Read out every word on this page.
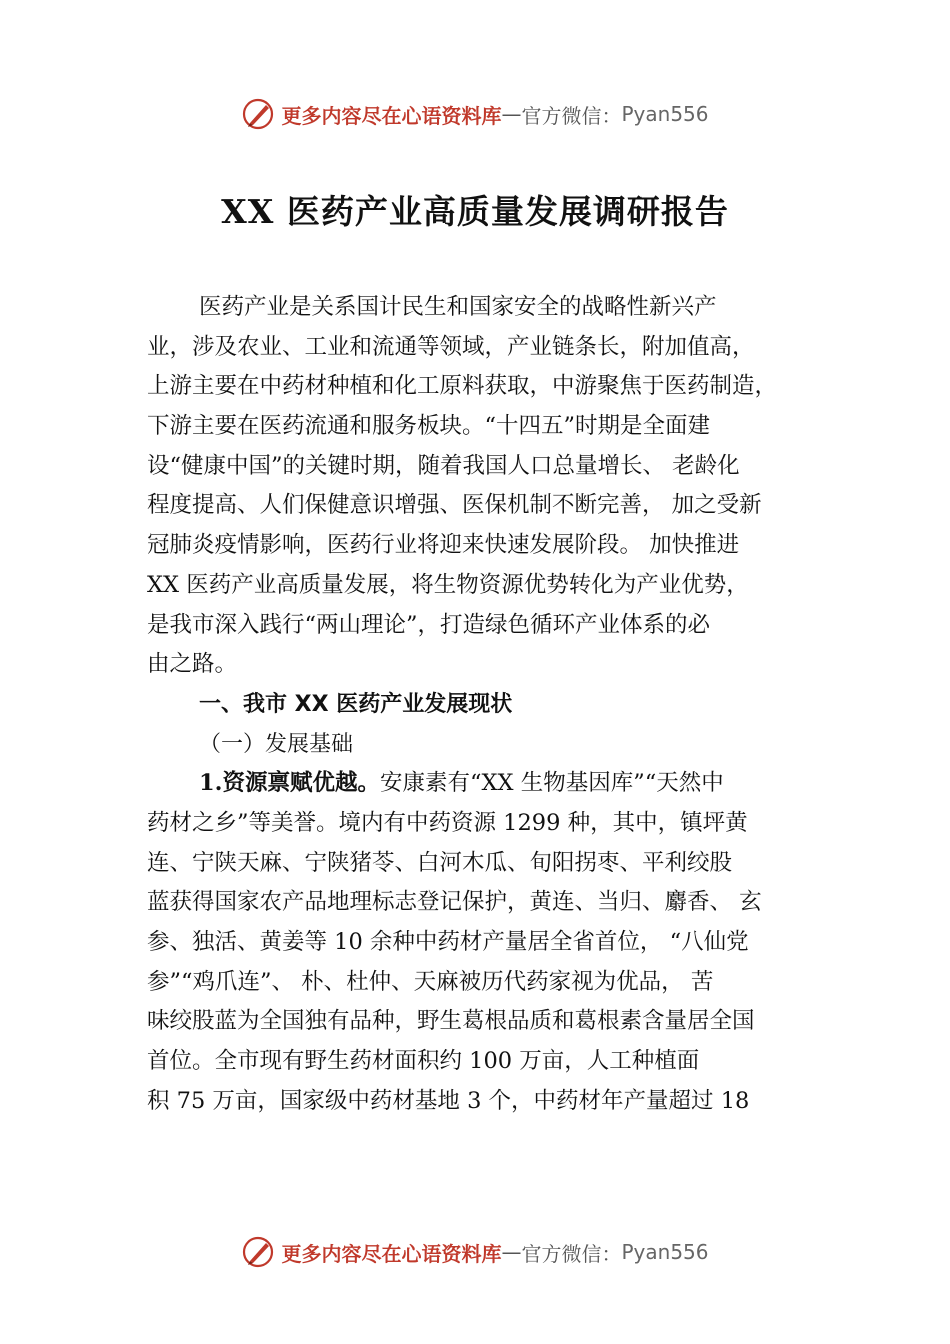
更多内容尽在心语资料库 — 官方微信： Pyan556
XX 医药产业高质量发展调研报告
医药产业是关系国计民生和国家安全的战略性新兴产
业，涉及农业、工业和流通等领域，产业链条长，附加值高，
上游主要在中药材种植和化工原料获取，中游聚焦于医药制造，
下游主要在医药流通和服务板块。“十四五”时期是全面建
设“健康中国”的关键时期，随着我国人口总量增长、 老龄化
程度提高、人们保健意识增强、医保机制不断完善， 加之受新
冠肺炎疫情影响，医药行业将迎来快速发展阶段。 加快推进
XX 医药产业高质量发展，将生物资源优势转化为产业优势，
是我市深入践行“两山理论”，打造绿色循环产业体系的必
由之路。
一、我市 XX 医药产业发展现状
（一）发展基础
1.资源禀赋优越。安康素有“XX 生物基因库”“天然中
药材之乡”等美誉。境内有中药资源 1299 种，其中，镇坪黄
连、宁陕天麻、宁陕猪苓、白河木瓜、旬阳拐枣、平利绞股
蓝获得国家农产品地理标志登记保护，黄连、当归、麝香、 玄
参、独活、黄姜等 10 余种中药材产量居全省首位， “八仙党
参”“鸡爪连”、 朴、杜仲、天麻被历代药家视为优品， 苦
味绞股蓝为全国独有品种，野生葛根品质和葛根素含量居全国
首位。全市现有野生药材面积约 100 万亩，人工种植面
积 75 万亩，国家级中药材基地 3 个，中药材年产量超过 18
更多内容尽在心语资料库 — 官方微信： Pyan556
